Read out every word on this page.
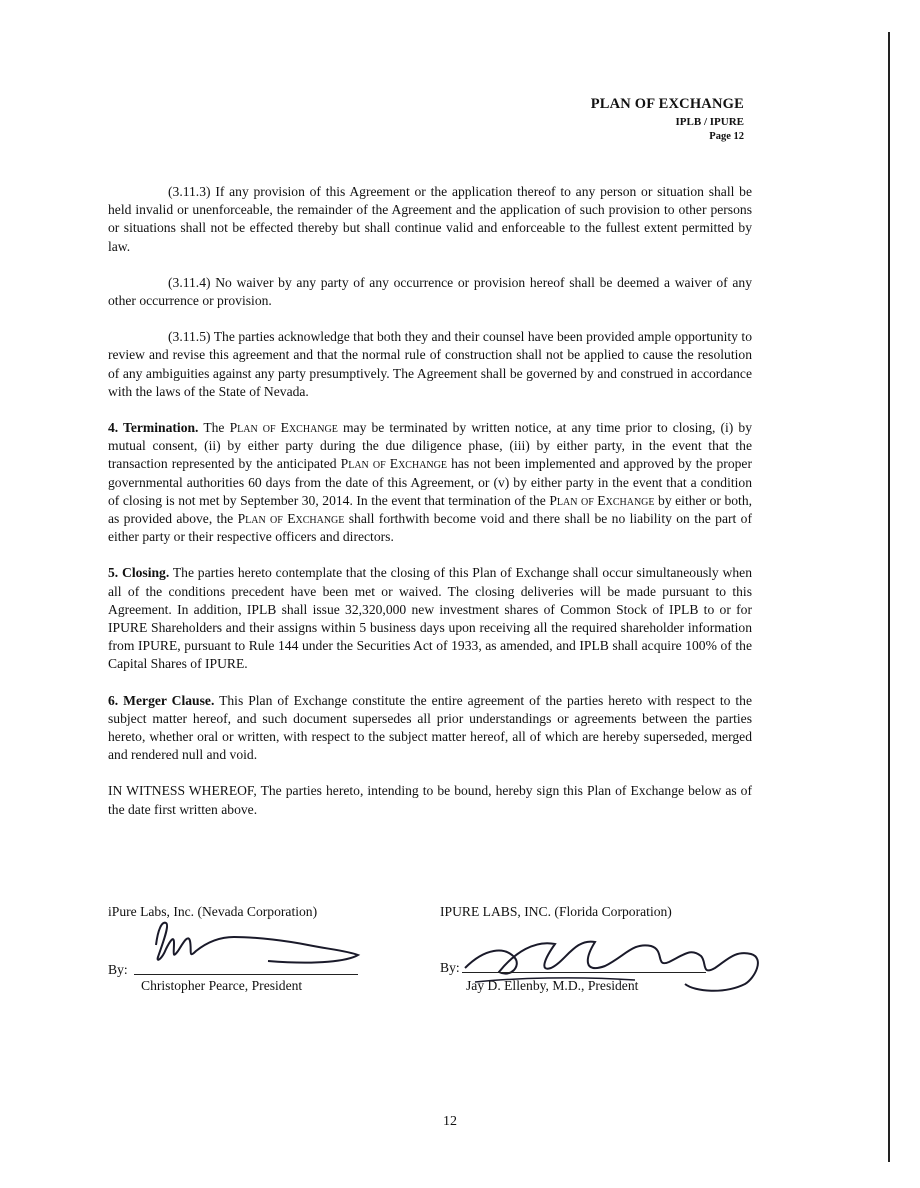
PLAN OF EXCHANGE
IPLB / IPURE
Page 12

(3.11.3) If any provision of this Agreement or the application thereof to any person or situation shall be held invalid or unenforceable, the remainder of the Agreement and the application of such provision to other persons or situations shall not be effected thereby but shall continue valid and enforceable to the fullest extent permitted by law.

(3.11.4) No waiver by any party of any occurrence or provision hereof shall be deemed a waiver of any other occurrence or provision.

(3.11.5) The parties acknowledge that both they and their counsel have been provided ample opportunity to review and revise this agreement and that the normal rule of construction shall not be applied to cause the resolution of any ambiguities against any party presumptively. The Agreement shall be governed by and construed in accordance with the laws of the State of Nevada.

4. Termination. The Plan of Exchange may be terminated by written notice, at any time prior to closing, (i) by mutual consent, (ii) by either party during the due diligence phase, (iii) by either party, in the event that the transaction represented by the anticipated Plan of Exchange has not been implemented and approved by the proper governmental authorities 60 days from the date of this Agreement, or (v) by either party in the event that a condition of closing is not met by September 30, 2014. In the event that termination of the Plan of Exchange by either or both, as provided above, the Plan of Exchange shall forthwith become void and there shall be no liability on the part of either party or their respective officers and directors.

5. Closing. The parties hereto contemplate that the closing of this Plan of Exchange shall occur simultaneously when all of the conditions precedent have been met or waived. The closing deliveries will be made pursuant to this Agreement. In addition, IPLB shall issue 32,320,000 new investment shares of Common Stock of IPLB to or for IPURE Shareholders and their assigns within 5 business days upon receiving all the required shareholder information from IPURE, pursuant to Rule 144 under the Securities Act of 1933, as amended, and IPLB shall acquire 100% of the Capital Shares of IPURE.

6. Merger Clause. This Plan of Exchange constitute the entire agreement of the parties hereto with respect to the subject matter hereof, and such document supersedes all prior understandings or agreements between the parties hereto, whether oral or written, with respect to the subject matter hereof, all of which are hereby superseded, merged and rendered null and void.

IN WITNESS WHEREOF, The parties hereto, intending to be bound, hereby sign this Plan of Exchange below as of the date first written above.

iPure Labs, Inc. (Nevada Corporation)
By:
Christopher Pearce, President
IPURE LABS, INC. (Florida Corporation)
By:
Jay D. Ellenby, M.D., President
12
